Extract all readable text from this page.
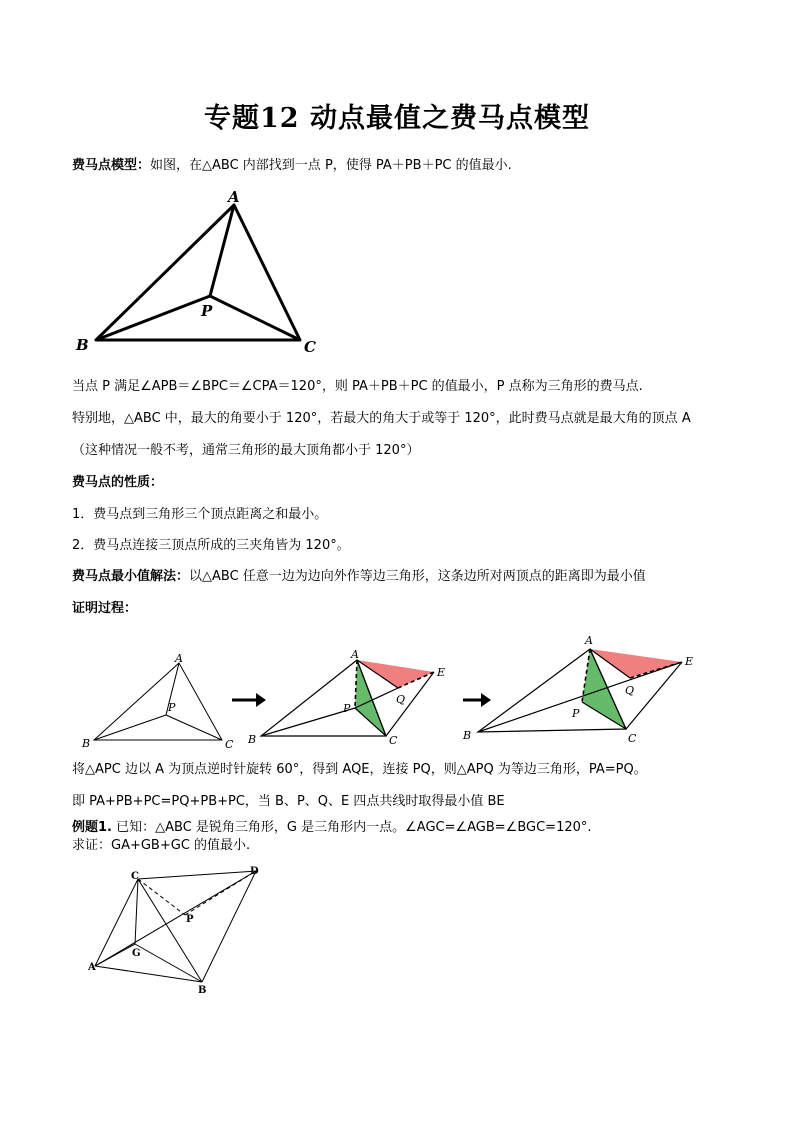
专题12 动点最值之费马点模型
费马点模型：如图，在△ABC 内部找到一点 P，使得 PA＋PB＋PC 的值最小.
A
B	C
P
当点 P 满足∠APB＝∠BPC＝∠CPA＝120°，则 PA＋PB＋PC 的值最小，P 点称为三角形的费马点.
特别地，△ABC 中，最大的角要小于 120°，若最大的角大于或等于 120°，此时费马点就是最大角的顶点 A
（这种情况一般不考，通常三角形的最大顶角都小于 120°）
费马点的性质：
1．费马点到三角形三个顶点距离之和最小。
2．费马点连接三顶点所成的三夹角皆为 120°。
费马点最小值解法：以△ABC 任意一边为边向外作等边三角形，这条边所对两顶点的距离即为最小值
证明过程：
A
B	C
P
A
B	C
P
Q
E
A
B	C
P
Q
E
将△APC 边以 A 为顶点逆时针旋转 60°，得到 AQE，连接 PQ，则△APQ 为等边三角形，PA=PQ。
即 PA+PB+PC=PQ+PB+PC，当 B、P、Q、E 四点共线时取得最小值 BE
例题1. 已知：△ABC 是锐角三角形，G 是三角形内一点。∠AGC=∠AGB=∠BGC=120°.
求证：GA+GB+GC 的值最小.
C	D
A
B
G
P
